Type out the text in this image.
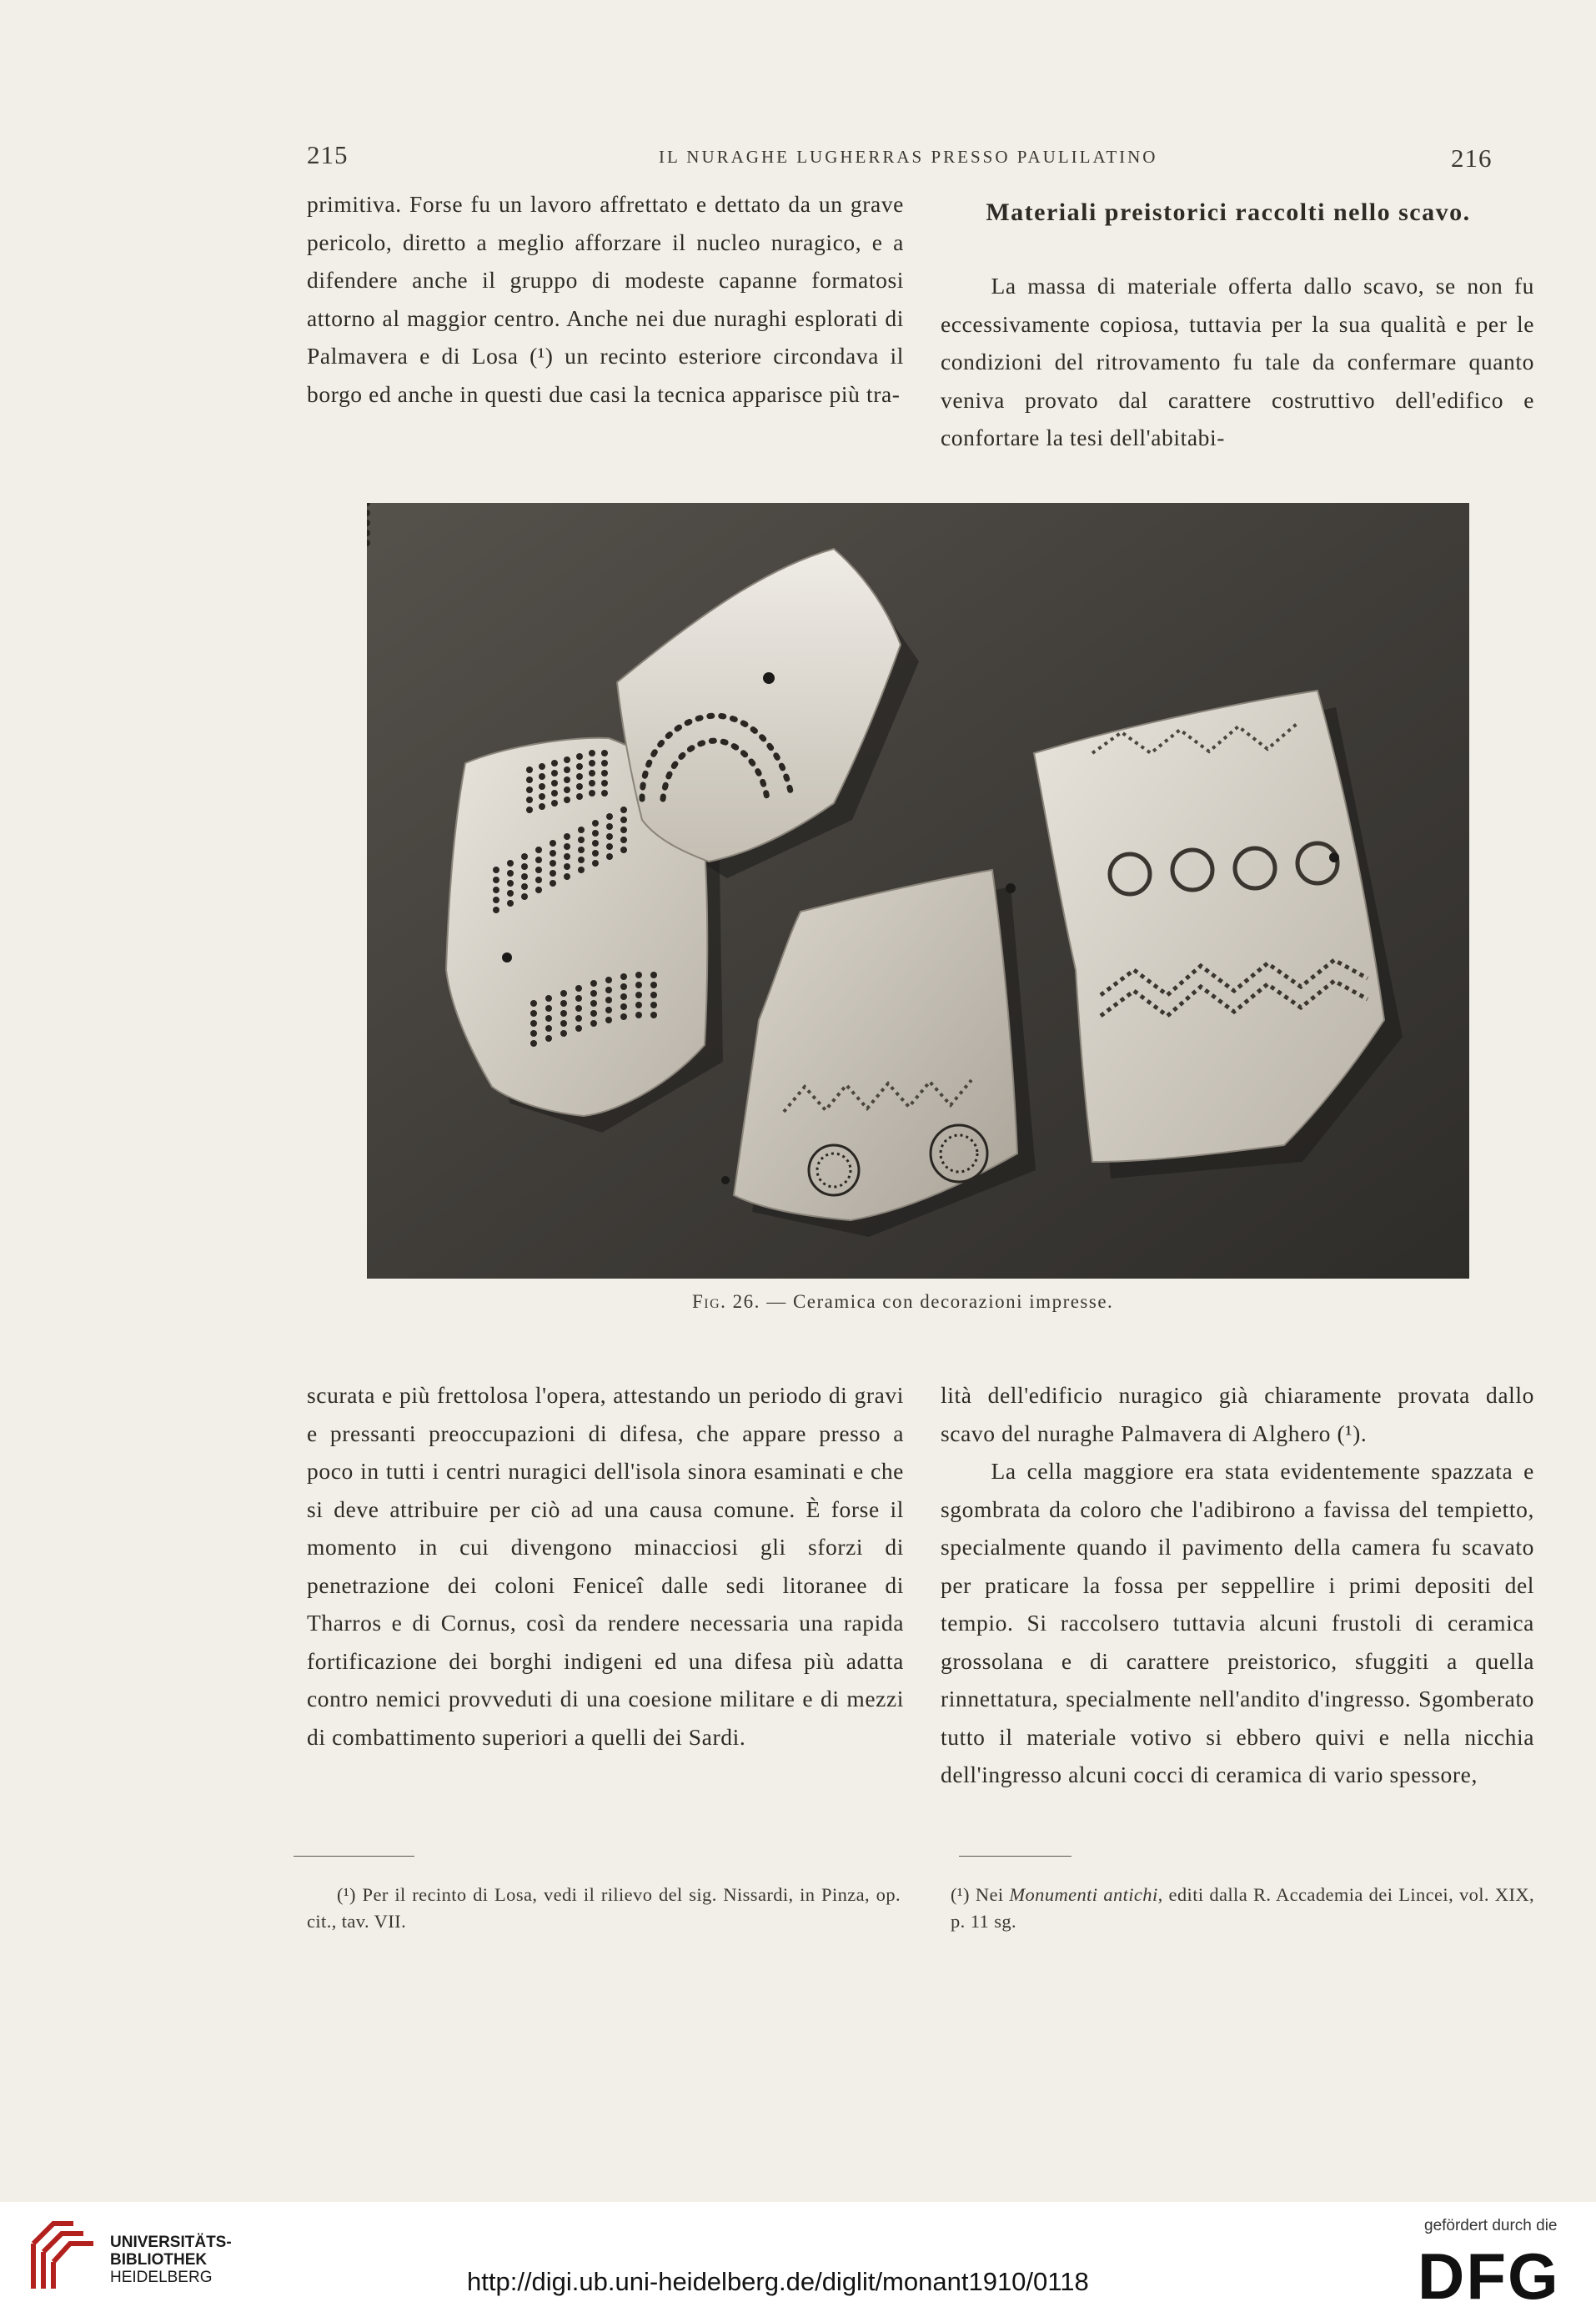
215	IL NURAGHE LUGHERRAS PRESSO PAULILATINO	216

primitiva. Forse fu un lavoro affrettato e dettato da un grave pericolo, diretto a meglio afforzare il nucleo nuragico, e a difendere anche il gruppo di modeste capanne formatosi attorno al maggior centro. Anche nei due nuraghi esplorati di Palmavera e di Losa (¹) un recinto esteriore circondava il borgo ed anche in questi due casi la tecnica apparisce più tra-

Materiali preistorici raccolti nello scavo.

La massa di materiale offerta dallo scavo, se non fu eccessivamente copiosa, tuttavia per la sua qualità e per le condizioni del ritrovamento fu tale da confermare quanto veniva provato dal carattere costruttivo dell'edifico e confortare la tesi dell'abitabi-

Fig. 26. — Ceramica con decorazioni impresse.

scurata e più frettolosa l'opera, attestando un periodo di gravi e pressanti preoccupazioni di difesa, che appare presso a poco in tutti i centri nuragici dell'isola sinora esaminati e che si deve attribuire per ciò ad una causa comune. È forse il momento in cui divengono minacciosi gli sforzi di penetrazione dei coloni Feniceî dalle sedi litoranee di Tharros e di Cornus, così da rendere necessaria una rapida fortificazione dei borghi indigeni ed una difesa più adatta contro nemici provveduti di una coesione militare e di mezzi di combattimento superiori a quelli dei Sardi.

lità dell'edificio nuragico già chiaramente provata dallo scavo del nuraghe Palmavera di Alghero (¹).

La cella maggiore era stata evidentemente spazzata e sgombrata da coloro che l'adibirono a favissa del tempietto, specialmente quando il pavimento della camera fu scavato per praticare la fossa per seppellire i primi depositi del tempio. Si raccolsero tuttavia alcuni frustoli di ceramica grossolana e di carattere preistorico, sfuggiti a quella rinnettatura, specialmente nell'andito d'ingresso. Sgomberato tutto il materiale votivo si ebbero quivi e nella nicchia dell'ingresso alcuni cocci di ceramica di vario spessore,

(¹) Per il recinto di Losa, vedi il rilievo del sig. Nissardi, in Pinza, op. cit., tav. VII.

(¹) Nei Monumenti antichi, editi dalla R. Accademia dei Lincei, vol. XIX, p. 11 sg.

UNIVERSITÄTS-
BIBLIOTHEK
HEIDELBERG	http://digi.ub.uni-heidelberg.de/diglit/monant1910/0118
gefördert durch die
DFG
